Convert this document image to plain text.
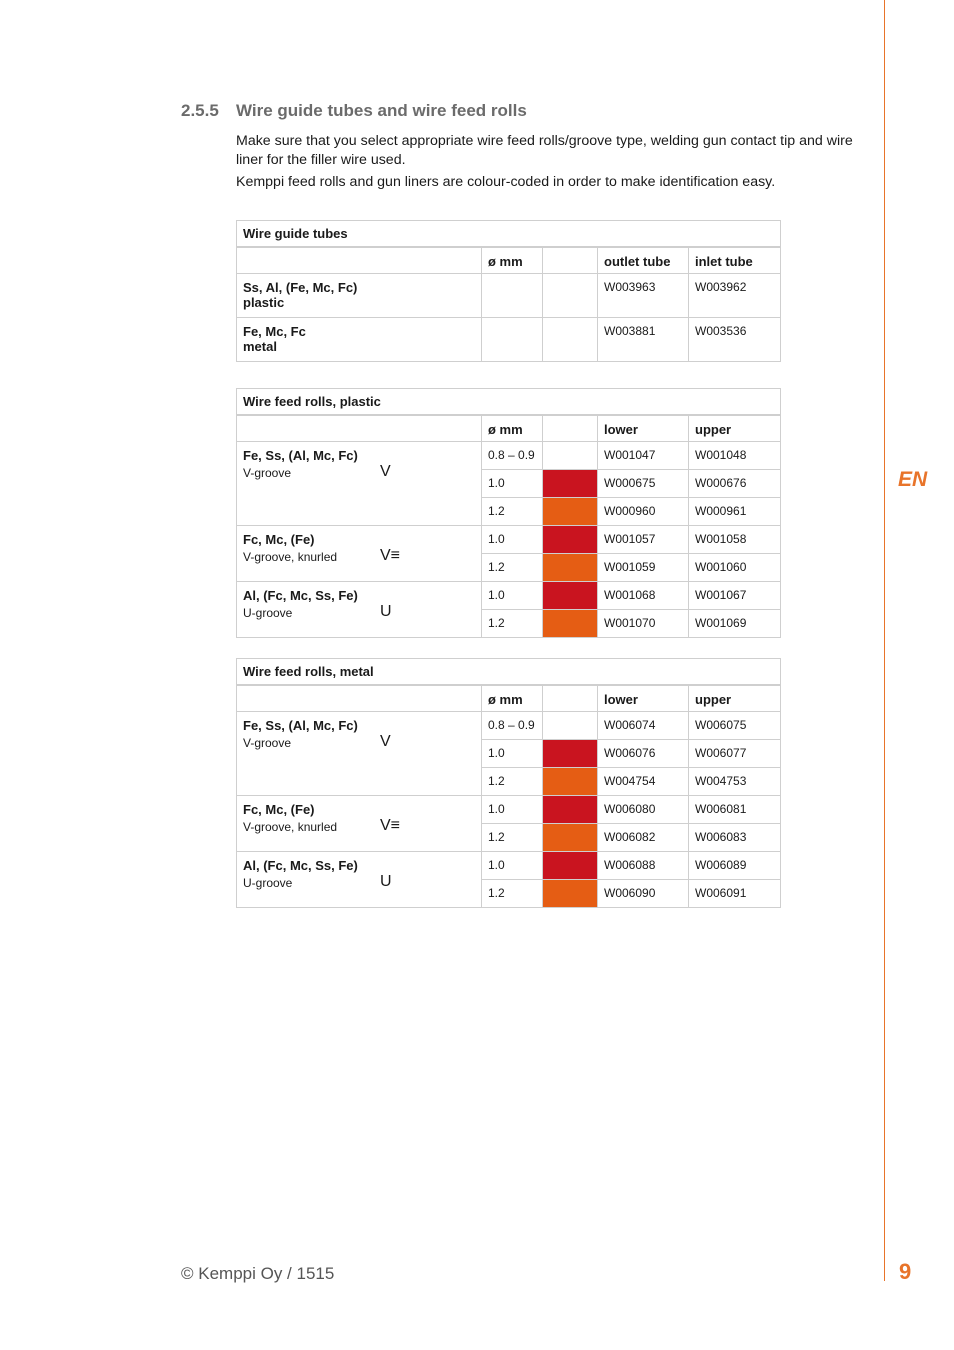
EN
2.5.5 Wire guide tubes and wire feed rolls

Make sure that you select appropriate wire feed rolls/groove type, welding gun contact tip and wire liner for the filler wire used.

Kemppi feed rolls and gun liners are colour-coded in order to make identification easy.

Wire guide tubes				
	ø mm		outlet tube	inlet tube
Ss, Al, (Fe, Mc, Fc)
plastic			W003963	W003962
Fe, Mc, Fc
metal			W003881	W003536
Wire feed rolls, plastic				
	ø mm		lower	upper
Fe, Ss, (Al, Mc, Fc)
V-groove V	0.8 – 0.9		W001047	W001048
	1.0		W000675	W000676
	1.2		W000960	W000961
Fc, Mc, (Fe)
V-groove, knurled V≡	1.0		W001057	W001058
	1.2		W001059	W001060
Al, (Fc, Mc, Ss, Fe)
U-groove U	1.0		W001068	W001067
	1.2		W001070	W001069
Wire feed rolls, metal				
	ø mm		lower	upper
Fe, Ss, (Al, Mc, Fc)
V-groove V	0.8 – 0.9		W006074	W006075
	1.0		W006076	W006077
	1.2		W004754	W004753
Fc, Mc, (Fe)
V-groove, knurled V≡	1.0		W006080	W006081
	1.2		W006082	W006083
Al, (Fc, Mc, Ss, Fe)
U-groove U	1.0		W006088	W006089
	1.2		W006090	W006091
© Kemppi Oy / 1515	9
